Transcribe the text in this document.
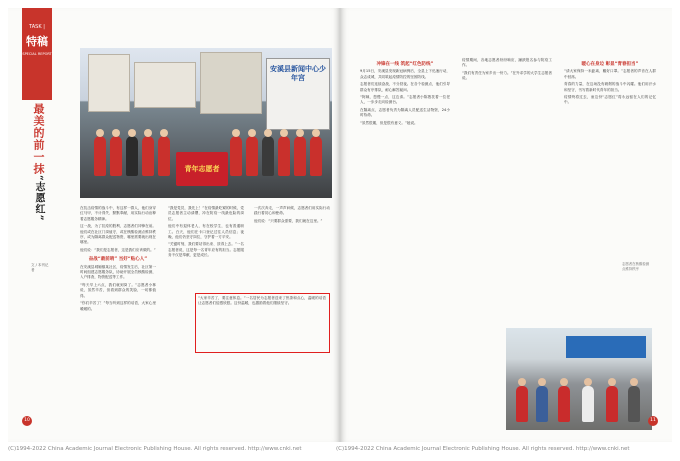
TASK |
特稿
SPECIAL REPORT
最美的前一抹“志愿红”
文 / 本刊记者
安溪县新闻中心少年宫
青年志愿者

在抗击疫情的战斗中，有这样一群人，他们身穿红马甲，不计得失、默默奉献，用实际行动诠释着志愿服务精神。

这一战，为了抗疫的胜利，志愿者们冲锋在前。他们或在社区门岗值守，或在核酸检测点维持秩序，或为隔离群众配送物资，哪里需要就出现在哪里。

他们说：“我们是志愿者，这是我们应该做的。”

奋战“最前哨” 当好“贴心人”

在安溪县城厢镇某社区，疫情发生后，社区第一时间组建志愿服务队，协助开展全员核酸检测，入户排查，物资配送等工作。

“每天早上六点，我们就到岗了。”志愿者小林说，虽然辛苦，但看到群众的笑脸，一切都值得。

“你们辛苦了！”每当听到这样的话语，大家心里暖暖的。

“我是党员，我先上！”在疫情最吃紧的时候，党员志愿者主动请缨，冲在防疫一线最危险的岗位。

他们中有退休老人，有在校学生，也有普通职工。白天，他们在卡口登记过往人员信息；夜晚，他们仍坚守岗位，守护着一方平安。

“关键时刻，我们要站得出来、顶得上去。”一名志愿者说，这是每一名青年应有的担当。志愿服务不仅是奉献，更是成长。

一次次奔走，一声声问候，志愿者们用实际行动践行着初心和使命。

他们说：“只要群众需要，我们就在这里。”

“大家辛苦了，要注意休息。”一名居民为志愿者送来了热茶和点心，温暖的话语让志愿者们倍感欣慰。这份温暖，也激励着他们继续坚守。

10
冲锋在一线 筑起“红色防线”

9月15日，安溪县发现新冠病例后，全县上下迅速行动，众志成城，共同筑起疫情防控的坚固防线。

志愿者们连续奋战，不分昼夜。在各个检测点，他们引导群众有序排队，耐心解答疑问。

“阿姨，您慢一点，这边请。”志愿者小陈搀扶着一位老人，一步步走向检测台。

在隔离点，志愿者负责为隔离人员配送生活物资，24小时待命。

“虽然很累，但是很有意义。”她说。

疫情期间，各地志愿者纷纷响应，踊跃报名参与防疫工作。

“我们有责任为家乡出一份力。”在外求学的大学生志愿者说。

暖心在身边 彰显“青春担当”

“请大家保持一米距离，戴好口罩。”志愿者的声音在人群中回荡。

青春的力量，在这场没有硝烟的战斗中闪耀。他们用汗水和坚守，书写着新时代青年的担当。

疫情终将过去，而这份“志愿红”将永远留在人们的记忆中。

志愿者在核酸检测点维持秩序
11
(C)1994-2022 China Academic Journal Electronic Publishing House. All rights reserved. http://www.cnki.net	(C)1994-2022 China Academic Journal Electronic Publishing House. All rights reserved. http://www.cnki.net
